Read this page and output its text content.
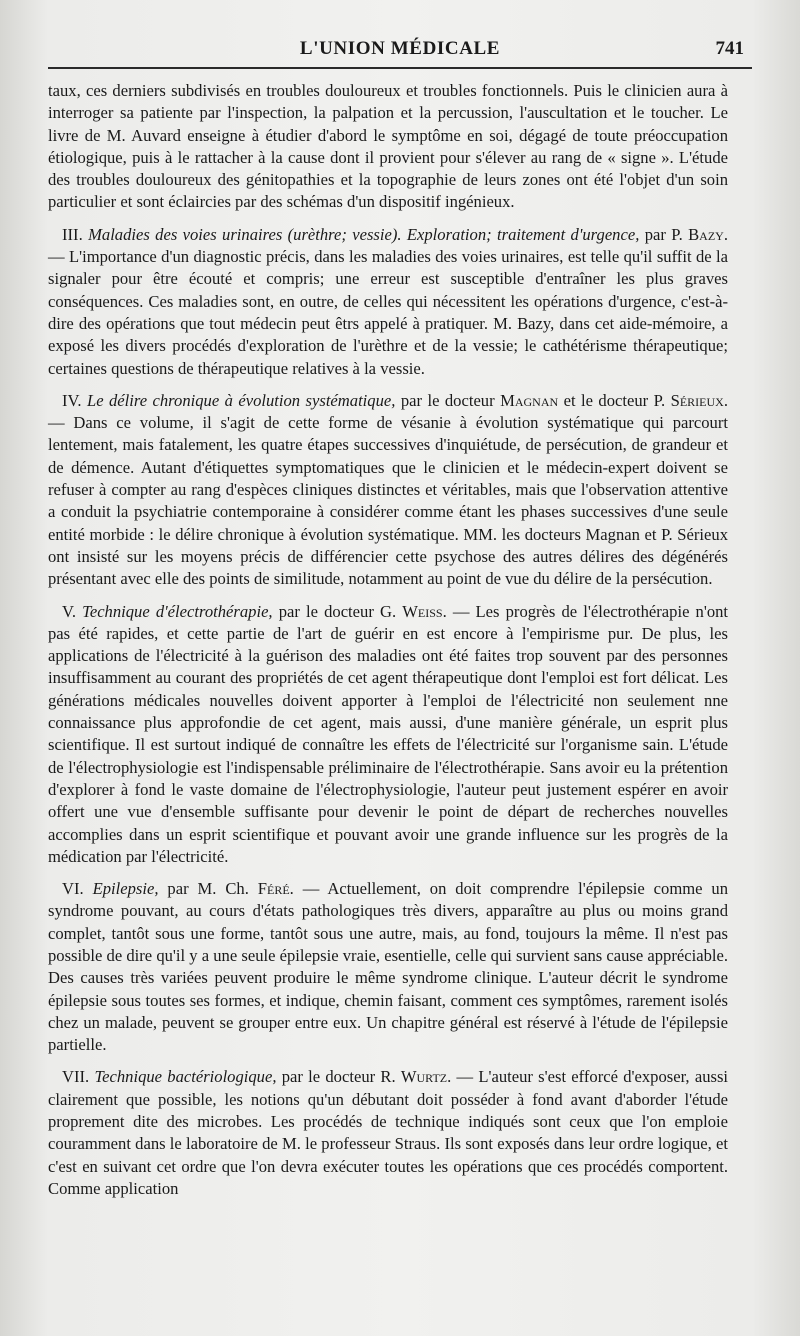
L'UNION MÉDICALE	741

taux, ces derniers subdivisés en troubles douloureux et troubles fonctionnels. Puis le clinicien aura à interroger sa patiente par l'inspection, la palpation et la percussion, l'auscultation et le toucher. Le livre de M. Auvard enseigne à étudier d'abord le symptôme en soi, dégagé de toute préoccupation étiologique, puis à le rattacher à la cause dont il provient pour s'élever au rang de « signe ». L'étude des troubles douloureux des génitopathies et la topographie de leurs zones ont été l'objet d'un soin particulier et sont éclaircies par des schémas d'un dispositif ingénieux.

III. Maladies des voies urinaires (urèthre; vessie). Exploration; traitement d'urgence, par P. Bazy. — L'importance d'un diagnostic précis, dans les maladies des voies urinaires, est telle qu'il suffit de la signaler pour être écouté et compris; une erreur est susceptible d'entraîner les plus graves conséquences. Ces maladies sont, en outre, de celles qui nécessitent les opérations d'urgence, c'est-à-dire des opérations que tout médecin peut êtrs appelé à pratiquer. M. Bazy, dans cet aide-mémoire, a exposé les divers procédés d'exploration de l'urèthre et de la vessie; le cathétérisme thérapeutique; certaines questions de thérapeutique relatives à la vessie.

IV. Le délire chronique à évolution systématique, par le docteur Magnan et le docteur P. Sérieux. — Dans ce volume, il s'agit de cette forme de vésanie à évolution systématique qui parcourt lentement, mais fatalement, les quatre étapes successives d'inquiétude, de persécution, de grandeur et de démence. Autant d'étiquettes symptomatiques que le clinicien et le médecin-expert doivent se refuser à compter au rang d'espèces cliniques distinctes et véritables, mais que l'observation attentive a conduit la psychiatrie contemporaine à considérer comme étant les phases successives d'une seule entité morbide : le délire chronique à évolution systématique. MM. les docteurs Magnan et P. Sérieux ont insisté sur les moyens précis de différencier cette psychose des autres délires des dégénérés présentant avec elle des points de similitude, notamment au point de vue du délire de la persécution.

V. Technique d'électrothérapie, par le docteur G. Weiss. — Les progrès de l'électrothérapie n'ont pas été rapides, et cette partie de l'art de guérir en est encore à l'empirisme pur. De plus, les applications de l'électricité à la guérison des maladies ont été faites trop souvent par des personnes insuffisamment au courant des propriétés de cet agent thérapeutique dont l'emploi est fort délicat. Les générations médicales nouvelles doivent apporter à l'emploi de l'électricité non seulement nne connaissance plus approfondie de cet agent, mais aussi, d'une manière générale, un esprit plus scientifique. Il est surtout indiqué de connaître les effets de l'électricité sur l'organisme sain. L'étude de l'électrophysiologie est l'indispensable préliminaire de l'électrothérapie. Sans avoir eu la prétention d'explorer à fond le vaste domaine de l'électrophysiologie, l'auteur peut justement espérer en avoir offert une vue d'ensemble suffisante pour devenir le point de départ de recherches nouvelles accomplies dans un esprit scientifique et pouvant avoir une grande influence sur les progrès de la médication par l'électricité.

VI. Epilepsie, par M. Ch. Féré. — Actuellement, on doit comprendre l'épilepsie comme un syndrome pouvant, au cours d'états pathologiques très divers, apparaître au plus ou moins grand complet, tantôt sous une forme, tantôt sous une autre, mais, au fond, toujours la même. Il n'est pas possible de dire qu'il y a une seule épilepsie vraie, esentielle, celle qui survient sans cause appréciable. Des causes très variées peuvent produire le même syndrome clinique. L'auteur décrit le syndrome épilepsie sous toutes ses formes, et indique, chemin faisant, comment ces symptômes, rarement isolés chez un malade, peuvent se grouper entre eux. Un chapitre général est réservé à l'étude de l'épilepsie partielle.

VII. Technique bactériologique, par le docteur R. Wurtz. — L'auteur s'est efforcé d'exposer, aussi clairement que possible, les notions qu'un débutant doit posséder à fond avant d'aborder l'étude proprement dite des microbes. Les procédés de technique indiqués sont ceux que l'on emploie couramment dans le laboratoire de M. le professeur Straus. Ils sont exposés dans leur ordre logique, et c'est en suivant cet ordre que l'on devra exécuter toutes les opérations que ces procédés comportent. Comme application
